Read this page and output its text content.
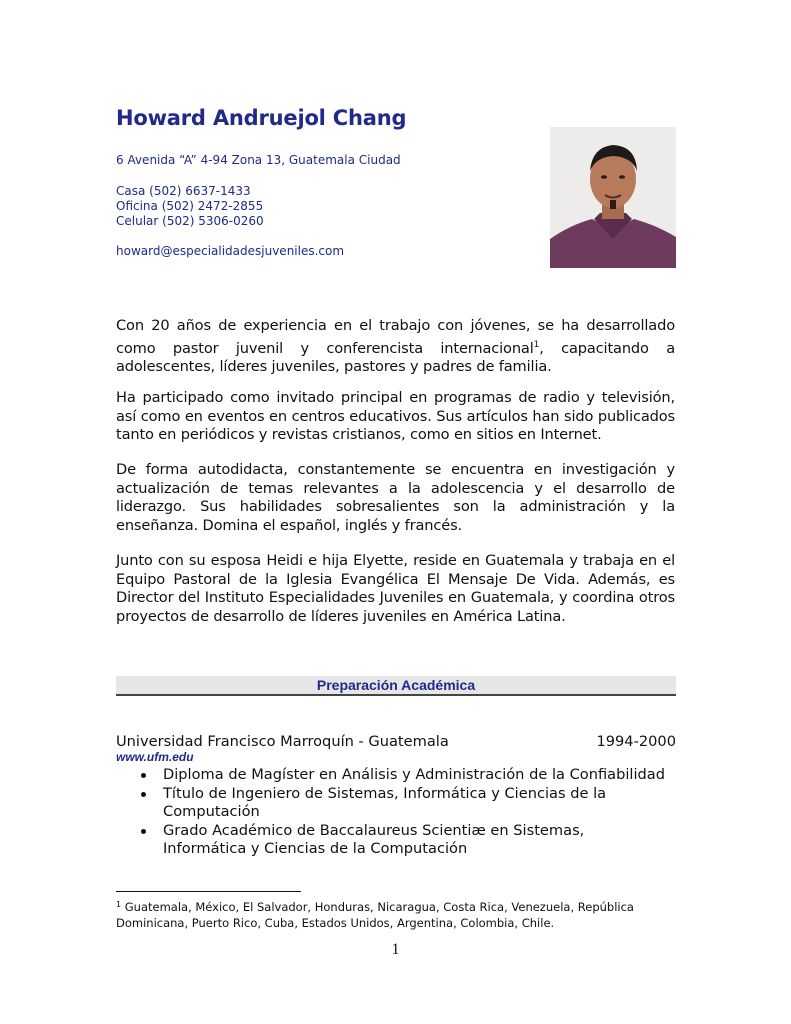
Howard Andruejol Chang
6 Avenida “A” 4-94 Zona 13, Guatemala Ciudad
Casa (502) 6637-1433
Oficina (502) 2472-2855
Celular (502) 5306-0260
howard@especialidadesjuveniles.com
Con 20 años de experiencia en el trabajo con jóvenes, se ha desarrollado como pastor juvenil y conferencista internacional$^1$, capacitando a adolescentes, líderes juveniles, pastores y padres de familia.
Ha participado como invitado principal en programas de radio y televisión, así como en eventos en centros educativos. Sus artículos han sido publicados tanto en periódicos y revistas cristianos, como en sitios en Internet.
De forma autodidacta, constantemente se encuentra en investigación y actualización de temas relevantes a la adolescencia y el desarrollo de liderazgo. Sus habilidades sobresalientes son la administración y la enseñanza. Domina el español, inglés y francés.
Junto con su esposa Heidi e hija Elyette, reside en Guatemala y trabaja en el Equipo Pastoral de la Iglesia Evangélica El Mensaje De Vida. Además, es Director del Instituto Especialidades Juveniles en Guatemala, y coordina otros proyectos de desarrollo de líderes juveniles en América Latina.
Preparación Académica
Universidad Francisco Marroquín - Guatemala	1994-2000
www.ufm.edu
Diploma de Magíster en Análisis y Administración de la Confiabilidad
Título de Ingeniero de Sistemas, Informática y Ciencias de la Computación
Grado Académico de Baccalaureus Scientiæ en Sistemas, Informática y Ciencias de la Computación
$^1$ Guatemala, México, El Salvador, Honduras, Nicaragua, Costa Rica, Venezuela, República Dominicana, Puerto Rico, Cuba, Estados Unidos, Argentina, Colombia, Chile.
1
